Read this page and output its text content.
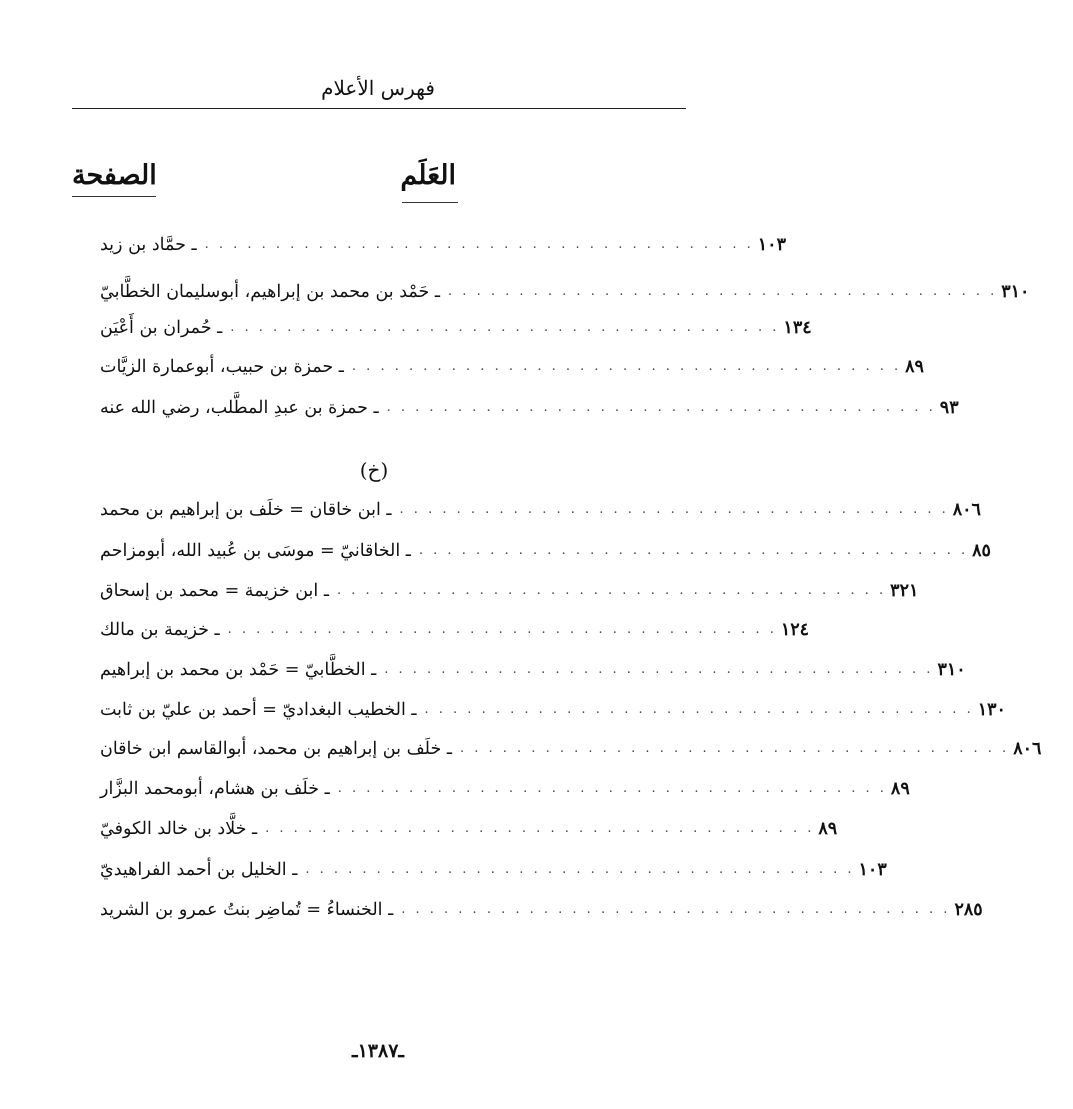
فهرس الأعلام
العَلَم
الصفحة
ـ حمَّاد بن زيد . . . . . . . . . . . . . . . . . . . . . . . . . . . . . . . . . . . . . . . ١٠٣
ـ حَمْد بن محمد بن إبراهيم، أبوسليمان الخطَّابيّ . . . . . . . . . . . . . . . . . . . . . . . . . . . . . . . . . . . . . . . ٣١٠
ـ حُمران بن أَعْيَن . . . . . . . . . . . . . . . . . . . . . . . . . . . . . . . . . . . . . . . ١٣٤
ـ حمزة بن حبيب، أبوعمارة الزيَّات . . . . . . . . . . . . . . . . . . . . . . . . . . . . . . . . . . . . . . . ٨٩
ـ حمزة بن عبدِ المطَّلب، رضي الله عنه . . . . . . . . . . . . . . . . . . . . . . . . . . . . . . . . . . . . . . . ٩٣
(خ)
ـ ابن خاقان = خلَف بن إبراهيم بن محمد . . . . . . . . . . . . . . . . . . . . . . . . . . . . . . . . . . . . . . . ٨٠٦
ـ الخاقانيّ = موسَى بن عُبيد الله، أبومزاحم . . . . . . . . . . . . . . . . . . . . . . . . . . . . . . . . . . . . . . . ٨٥
ـ ابن خزيمة = محمد بن إسحاق . . . . . . . . . . . . . . . . . . . . . . . . . . . . . . . . . . . . . . . ٣٢١
ـ خزيمة بن مالك . . . . . . . . . . . . . . . . . . . . . . . . . . . . . . . . . . . . . . . ١٢٤
ـ الخطَّابيّ = حَمْد بن محمد بن إبراهيم . . . . . . . . . . . . . . . . . . . . . . . . . . . . . . . . . . . . . . . ٣١٠
ـ الخطيب البغداديّ = أحمد بن عليّ بن ثابت . . . . . . . . . . . . . . . . . . . . . . . . . . . . . . . . . . . . . . . ١٣٠
ـ خلَف بن إبراهيم بن محمد، أبوالقاسم ابن خاقان . . . . . . . . . . . . . . . . . . . . . . . . . . . . . . . . . . . . . . . ٨٠٦
ـ خلَف بن هشام، أبومحمد البزَّار . . . . . . . . . . . . . . . . . . . . . . . . . . . . . . . . . . . . . . . ٨٩
ـ خلَّاد بن خالد الكوفيّ . . . . . . . . . . . . . . . . . . . . . . . . . . . . . . . . . . . . . . . ٨٩
ـ الخليل بن أحمد الفراهيديّ . . . . . . . . . . . . . . . . . . . . . . . . . . . . . . . . . . . . . . . ١٠٣
ـ الخنساءُ = تُماضِر بنتُ عمرو بن الشريد . . . . . . . . . . . . . . . . . . . . . . . . . . . . . . . . . . . . . . . ٢٨٥
ـ١٣٨٧ـ
